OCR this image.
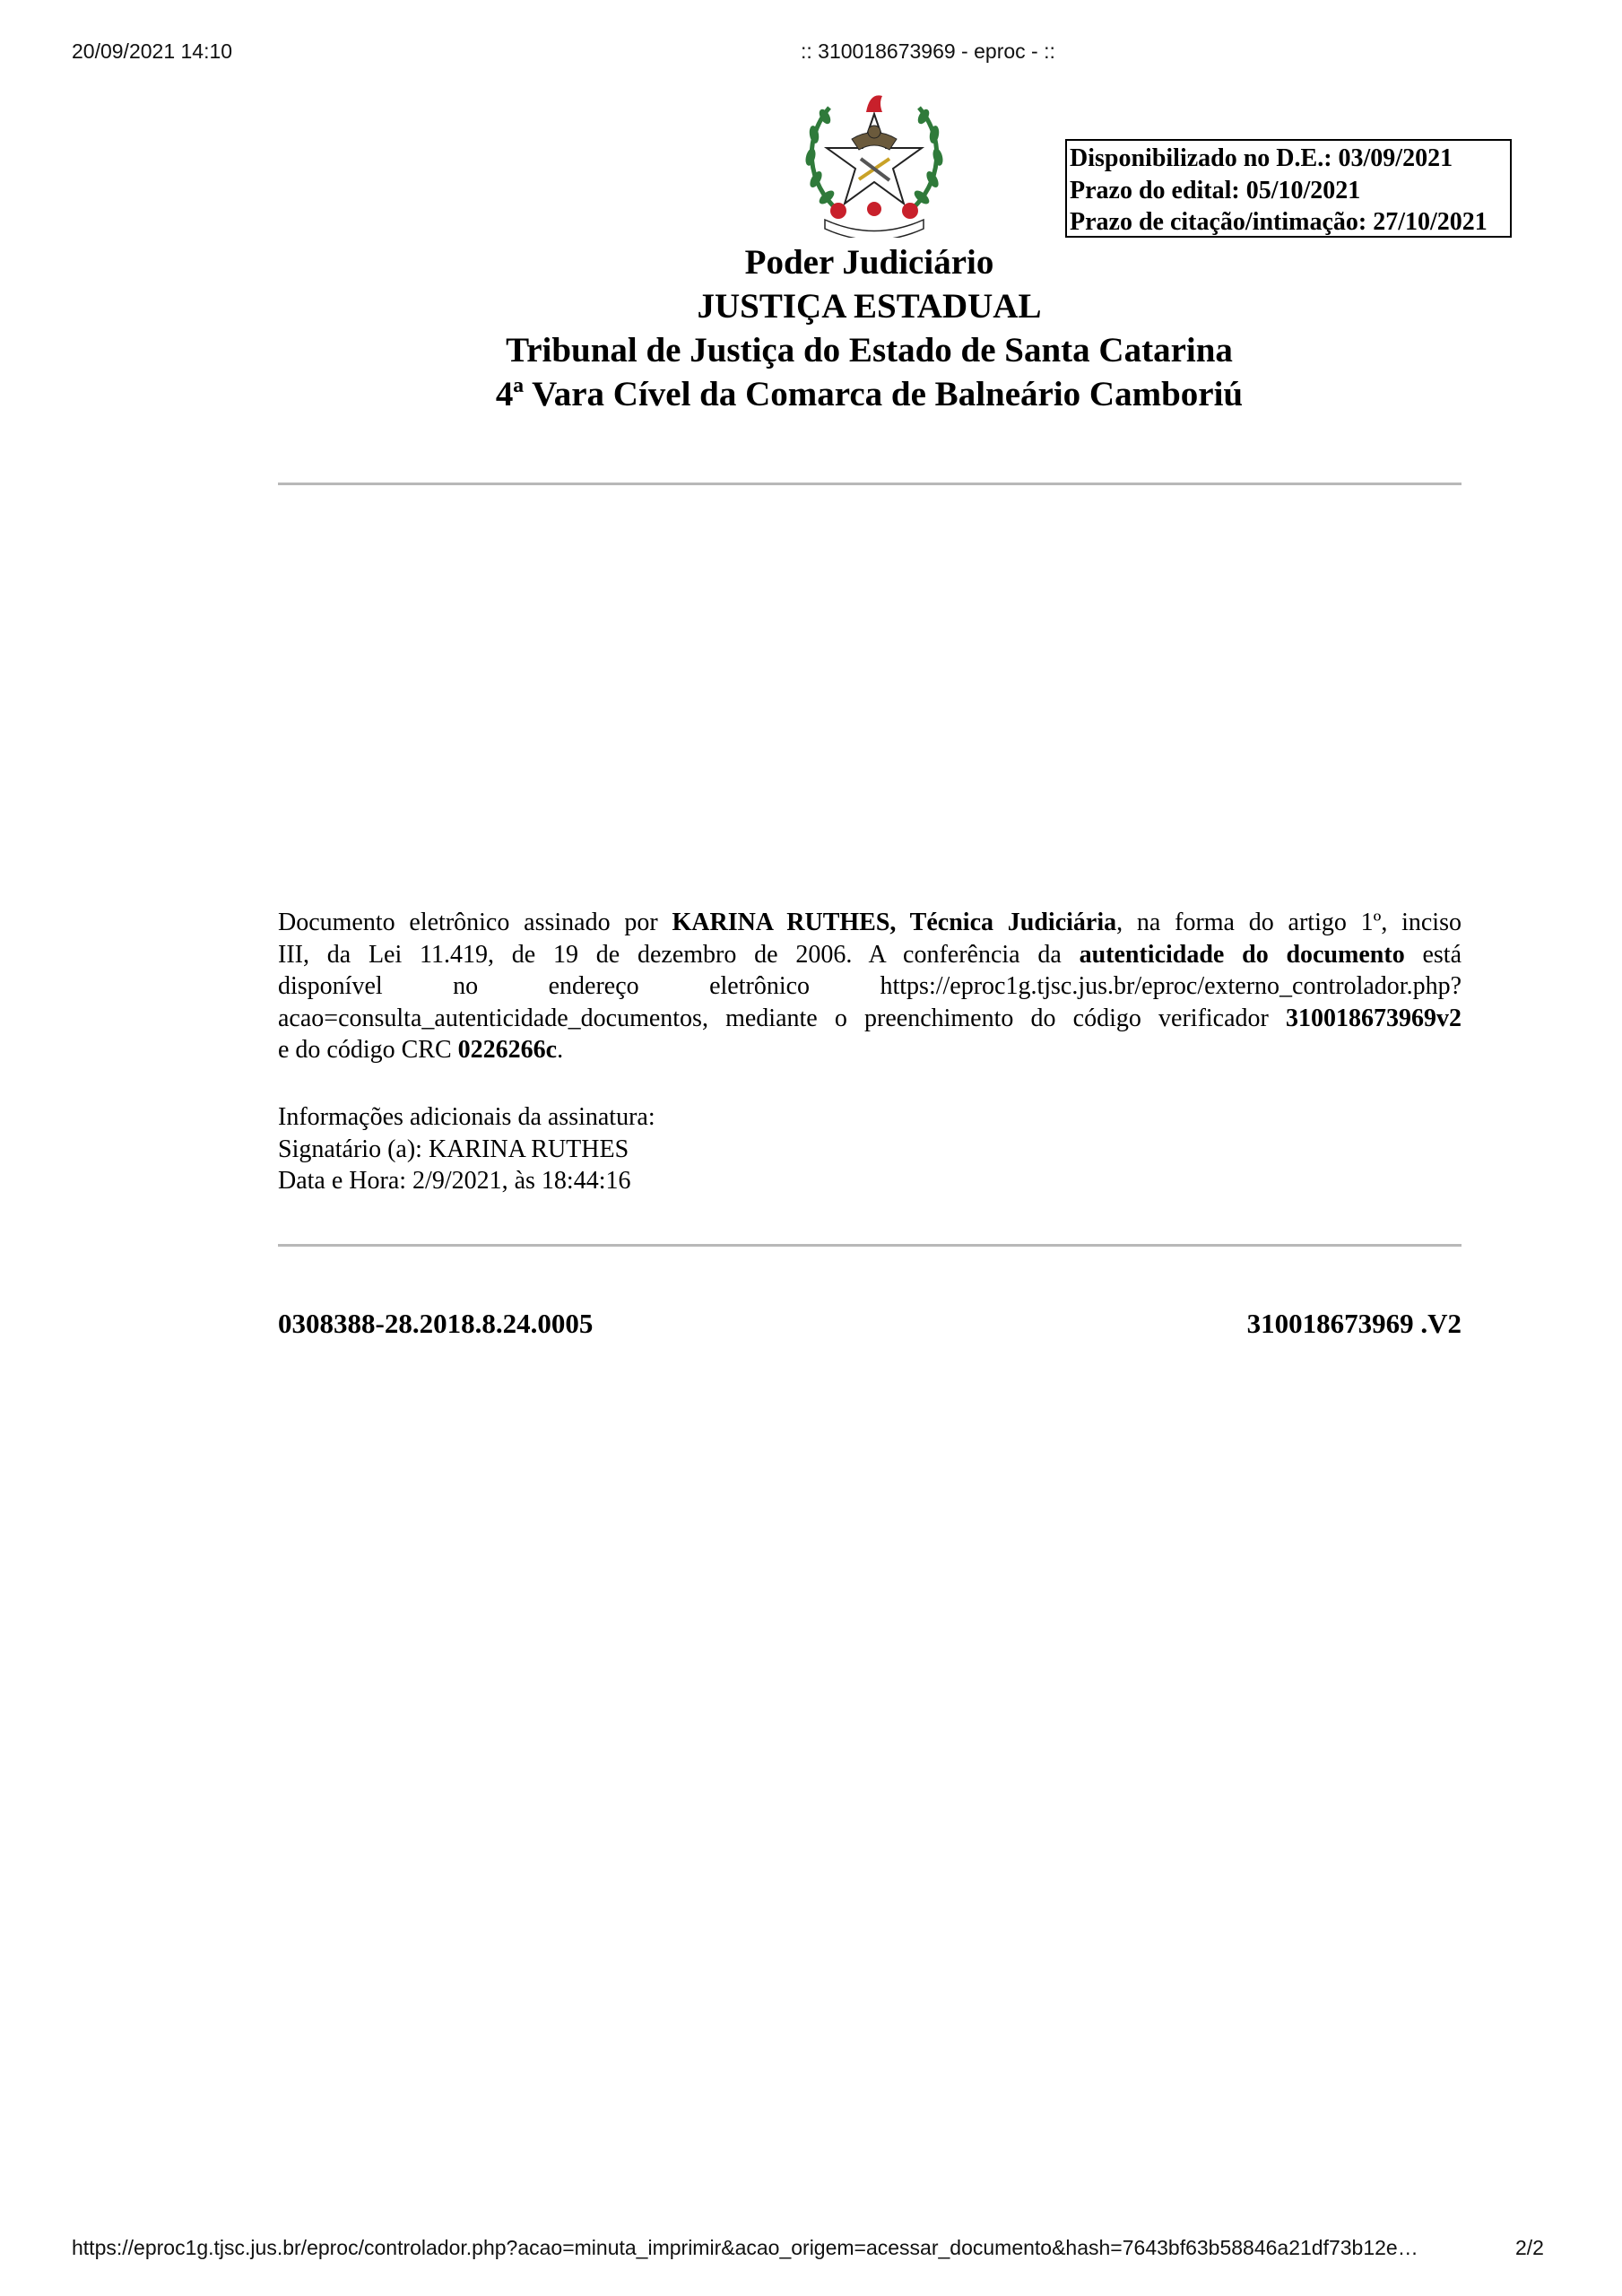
20/09/2021 14:10	:: 310018673969 - eproc - ::
Disponibilizado no D.E.: 03/09/2021
Prazo do edital: 05/10/2021
Prazo de citação/intimação: 27/10/2021
Poder Judiciário
JUSTIÇA ESTADUAL
Tribunal de Justiça do Estado de Santa Catarina
4ª Vara Cível da Comarca de Balneário Camboriú
Documento eletrônico assinado por KARINA RUTHES, Técnica Judiciária, na forma do artigo 1º, inciso
III, da Lei 11.419, de 19 de dezembro de 2006. A conferência da autenticidade do documento está
disponível no endereço eletrônico https://eproc1g.tjsc.jus.br/eproc/externo_controlador.php?
acao=consulta_autenticidade_documentos, mediante o preenchimento do código verificador 310018673969v2
e do código CRC 0226266c.
Informações adicionais da assinatura:
Signatário (a): KARINA RUTHES
Data e Hora: 2/9/2021, às 18:44:16
0308388-28.2018.8.24.0005	310018673969 .V2
https://eproc1g.tjsc.jus.br/eproc/controlador.php?acao=minuta_imprimir&acao_origem=acessar_documento&hash=7643bf63b58846a21df73b12e…	2/2
